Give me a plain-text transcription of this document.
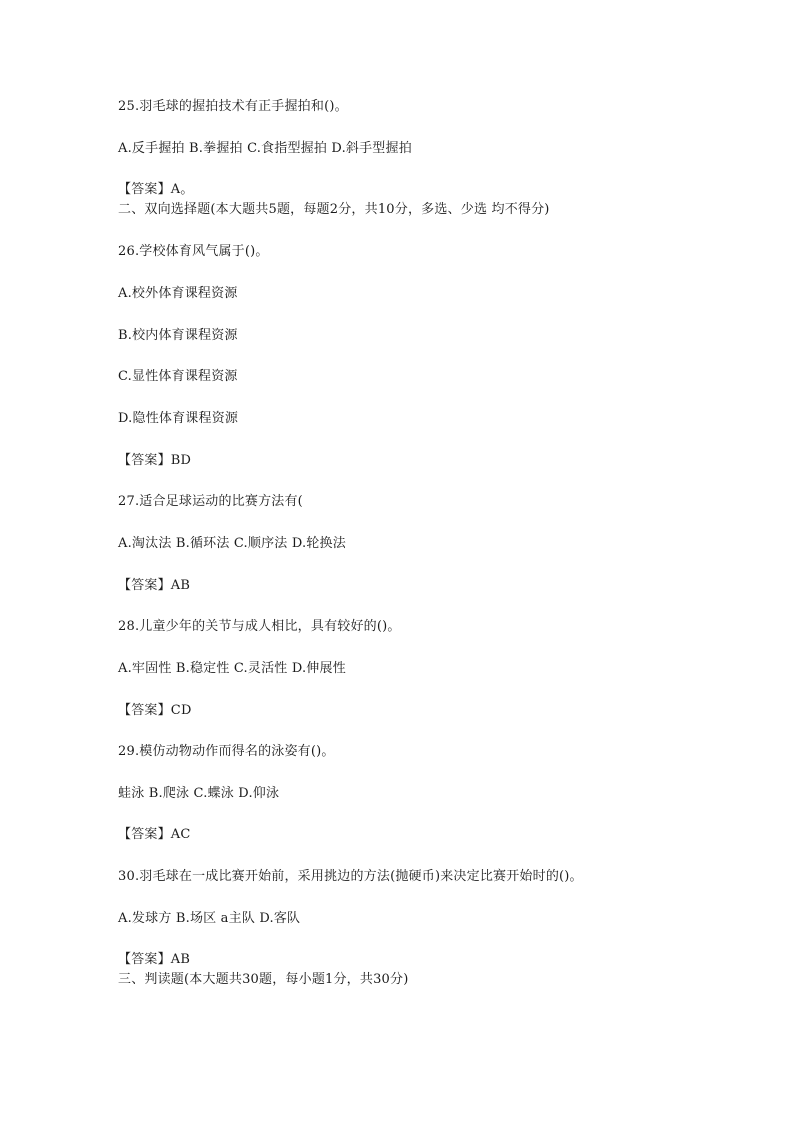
25.羽毛球的握拍技术有正手握拍和()。
A.反手握拍 B.拳握拍 C.食指型握拍 D.斜手型握拍
【答案】A。
二、双向选择题(本大题共5题，每题2分，共10分，多选、少选 均不得分)
26.学校体育风气属于()。
A.校外体育课程资源
B.校内体育课程资源
C.显性体育课程资源
D.隐性体育课程资源
【答案】BD
27.适合足球运动的比赛方法有(
A.淘汰法 B.循环法 C.顺序法 D.轮换法
【答案】AB
28.儿童少年的关节与成人相比，具有较好的()。
A.牢固性 B.稳定性 C.灵活性 D.伸展性
【答案】CD
29.模仿动物动作而得名的泳姿有()。
蛙泳 B.爬泳 C.蝶泳 D.仰泳
【答案】AC
30.羽毛球在一成比赛开始前，采用挑边的方法(抛硬币)来决定比赛开始时的()。
A.发球方 B.场区 a主队 D.客队
【答案】AB
三、判读题(本大题共30题，每小题1分，共30分)
